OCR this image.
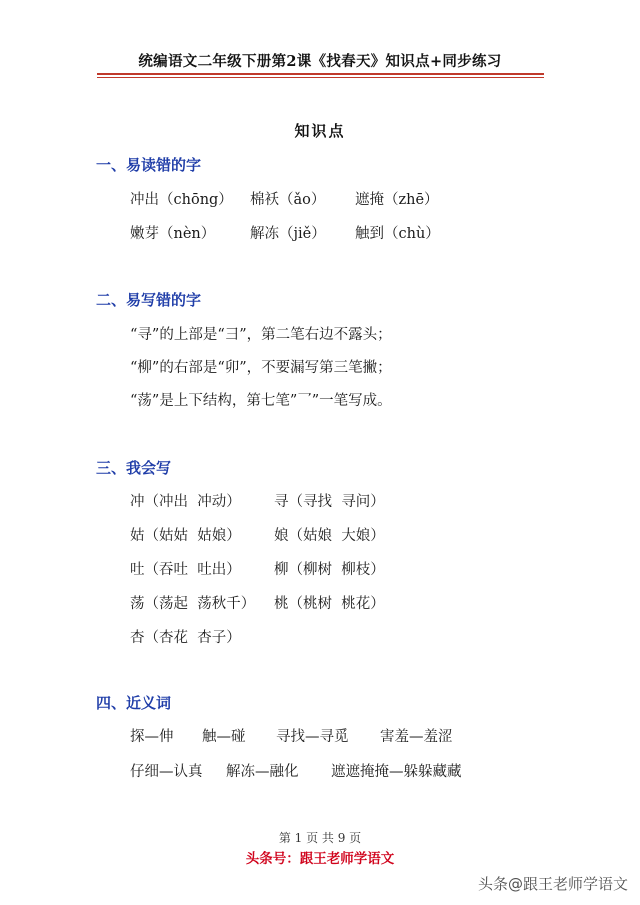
统编语文二年级下册第2课《找春天》知识点+同步练习
知识点
一、易读错的字
冲出（chōng） 棉袄（ǎo） 遮掩（zhē）
嫩芽（nèn） 解冻（jiě） 触到（chù）
二、易写错的字
“寻”的上部是“彐”，第二笔右边不露头；
“柳”的右部是“卯”，不要漏写第三笔撇；
“荡”是上下结构，第七笔”乛”一笔写成。
三、我会写
冲（冲出  冲动） 寻（寻找  寻问）
姑（姑姑  姑娘） 娘（姑娘  大娘）
吐（吞吐  吐出） 柳（柳树  柳枝）
荡（荡起  荡秋千） 桃（桃树  桃花）
杏（杏花  杏子）
四、近义词
探—伸 触—碰 寻找—寻觅 害羞—羞涩
仔细—认真 解冻—融化 遮遮掩掩—躲躲藏藏
第 1 页 共 9 页
头条号：跟王老师学语文
头条@跟王老师学语文
